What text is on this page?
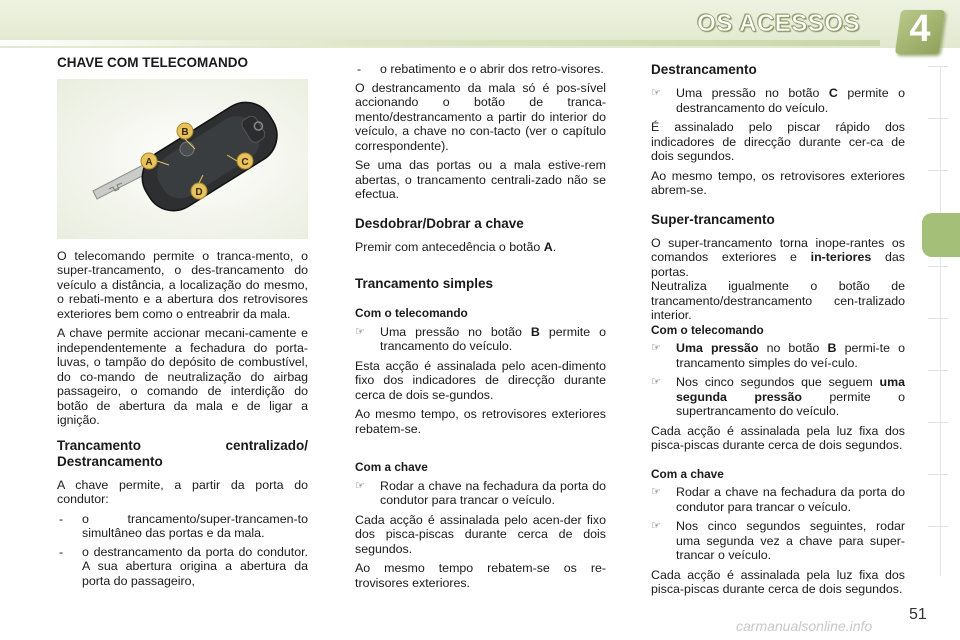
OS ACESSOS 4
CHAVE COM TELECOMANDO
B
A	C
D

O telecomando permite o tranca-mento, o super-trancamento, o des-trancamento do veículo a distância, a localização do mesmo, o rebati-mento e a abertura dos retrovisores exteriores bem como o entreabrir da mala.

A chave permite accionar mecani-camente e independentemente a fechadura do porta-luvas, o tampão do depósito de combustível, do co-mando de neutralização do airbag passageiro, o comando de interdição do botão de abertura da mala e de ligar a ignição.

Trancamento centralizado/ Destrancamento

A chave permite, a partir da porta do condutor:

- o trancamento/super-trancamen-to simultâneo das portas e da mala.
- o destrancamento da porta do condutor. A sua abertura origina a abertura da porta do passageiro,
- o rebatimento e o abrir dos retro-visores.

O destrancamento da mala só é pos-sível accionando o botão de tranca-mento/destrancamento a partir do interior do veículo, a chave no con-tacto (ver o capítulo correspondente).

Se uma das portas ou a mala estive-rem abertas, o trancamento centrali-zado não se efectua.

Desdobrar/Dobrar a chave

Premir com antecedência o botão A.

Trancamento simples
Com o telecomando
☞ Uma pressão no botão B permite o trancamento do veículo.

Esta acção é assinalada pelo acen-dimento fixo dos indicadores de direcção durante cerca de dois se-gundos.

Ao mesmo tempo, os retrovisores exteriores rebatem-se.

Com a chave
☞ Rodar a chave na fechadura da porta do condutor para trancar o veículo.

Cada acção é assinalada pelo acen-der fixo dos pisca-piscas durante cerca de dois segundos.

Ao mesmo tempo rebatem-se os re-trovisores exteriores.

Destrancamento
☞ Uma pressão no botão C permite o destrancamento do veículo.

É assinalado pelo piscar rápido dos indicadores de direcção durante cer-ca de dois segundos.

Ao mesmo tempo, os retrovisores exteriores abrem-se.

Super-trancamento

O super-trancamento torna inope-rantes os comandos exteriores e in-teriores das portas.

Neutraliza igualmente o botão de trancamento/destrancamento cen-tralizado interior.

Com o telecomando
☞ Uma pressão no botão B permi-te o trancamento simples do veí-culo.
☞ Nos cinco segundos que seguem uma segunda pressão permite o supertrancamento do veículo.

Cada acção é assinalada pela luz fixa dos pisca-piscas durante cerca de dois segundos.

Com a chave
☞ Rodar a chave na fechadura da porta do condutor para trancar o veículo.
☞ Nos cinco segundos seguintes, rodar uma segunda vez a chave para super-trancar o veículo.

Cada acção é assinalada pela luz fixa dos pisca-piscas durante cerca de dois segundos.

51
carmanualsonline.info
